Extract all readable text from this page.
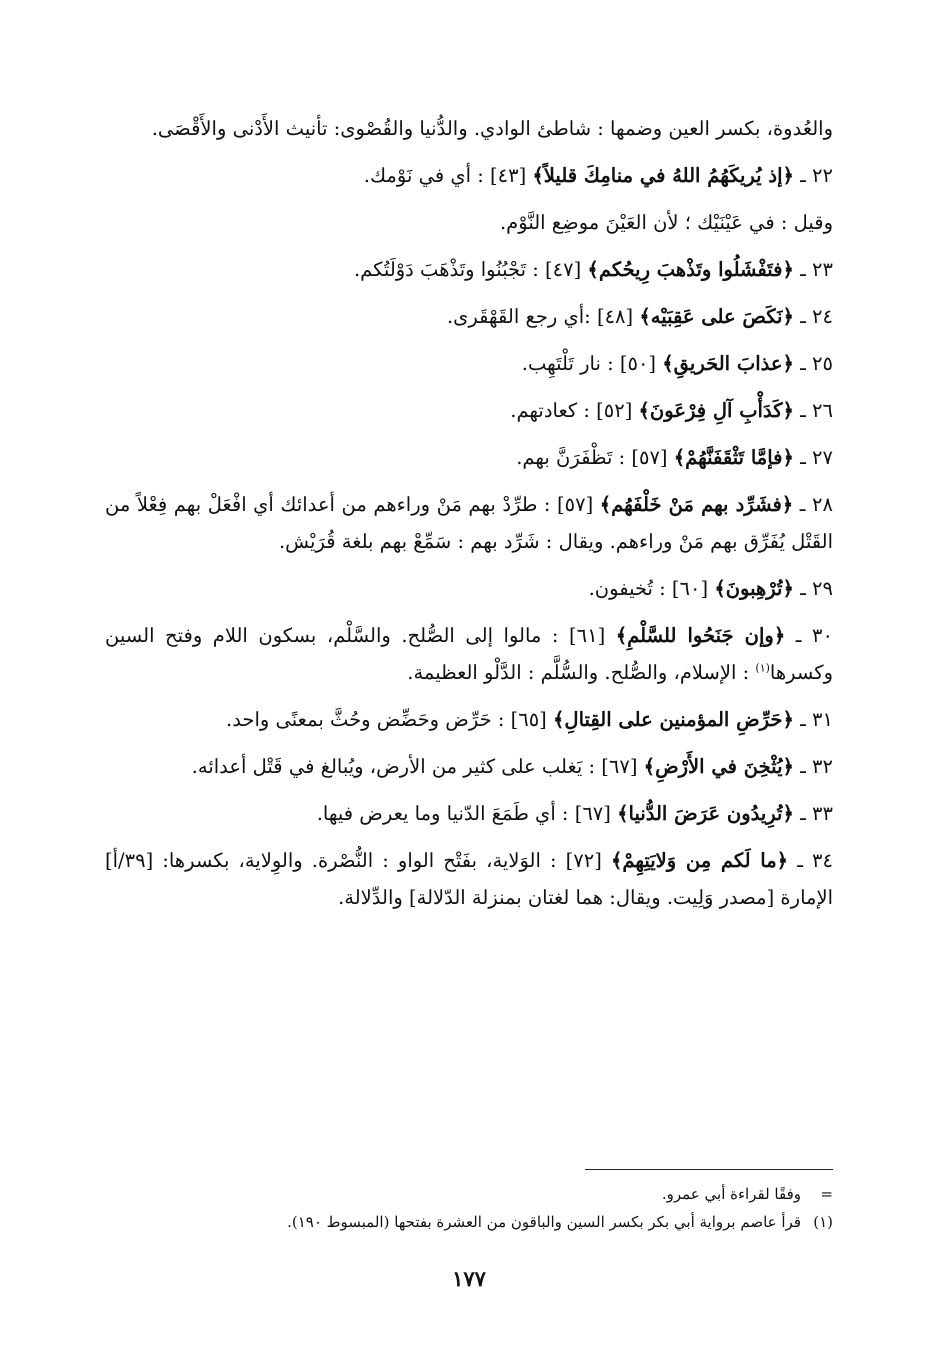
والعُدوة، بكسر العين وضمها : شاطئ الوادي. والدُّنيا والقُصْوى: تأنيث الأَدْنى والأَقْصَى.

٢٢ ـ ﴿إذ يُريكَهُمُ اللهُ في منامِكَ قليلاً﴾ [٤٣] : أي في نَوْمك.

وقيل : في عَيْنَيْك ؛ لأن العَيْنَ موضِع النَّوْم.

٢٣ ـ ﴿فتَفْشَلُوا وتَذْهبَ رِيحُكم﴾ [٤٧] : تَجْبُنُوا وتَذْهَبَ دَوْلَتُكم.

٢٤ ـ ﴿نَكَصَ على عَقِبَيْه﴾ [٤٨] :أي رجع القَهْقَرى.

٢٥ ـ ﴿عذابَ الحَريقِ﴾ [٥٠] : نار تَلْتَهِب.

٢٦ ـ ﴿كَدَأْبِ آلِ فِرْعَونَ﴾ [٥٢] : كعادتهم.

٢٧ ـ ﴿فإمَّا تَثْقَفَنَّهُمْ﴾ [٥٧] : تَظْفَرَنَّ بهم.

٢٨ ـ ﴿فشَرِّد بهم مَنْ خَلْفَهُم﴾ [٥٧] : طرِّدْ بهم مَنْ وراءهم من أعدائك أي افْعَلْ بهم فِعْلاً من القَتْل يُفَرِّق بهم مَنْ وراءهم. ويقال : شَرِّد بهم : سَمِّعْ بهم بلغة قُرَيْش.

٢٩ ـ ﴿تُرْهِبونَ﴾ [٦٠] : تُخيفون.

٣٠ ـ ﴿وإن جَنَحُوا للسَّلْمِ﴾ [٦١] : مالوا إلى الصُّلح. والسَّلْم، بسكون اللام وفتح السين وكسرها$^{(١)}$ : الإسلام، والصُّلح. والسُّلَّم : الدَّلْو العظيمة.

٣١ ـ ﴿حَرِّضِ المؤمنين على القِتالِ﴾ [٦٥] : حَرِّض وحَضِّض وحُثَّ بمعنًى واحد.

٣٢ ـ ﴿يُثْخِنَ في الأَرْضِ﴾ [٦٧] : يَغلب على كثير من الأرض، ويُبالغ في قَتْل أعدائه.

٣٣ ـ ﴿تُرِيدُون عَرَضَ الدُّنيا﴾ [٦٧] : أي طَمَعَ الدّنيا وما يعرض فيها.

٣٤ ـ ﴿ما لَكم مِن وَلايَتِهِمْ﴾ [٧٢] : الوَلاية، بفَتْح الواو : النُّصْرة. والوِلاية، بكسرها: [٣٩/أ] الإمارة [مصدر وَلِيت. ويقال: هما لغتان بمنزلة الدّلالة] والدِّلالة.

=وفقًا لقراءة أبي عمرو.
(١)قرأ عاصم برواية أبي بكر بكسر السين والباقون من العشرة بفتحها (المبسوط ١٩٠).
١٧٧
